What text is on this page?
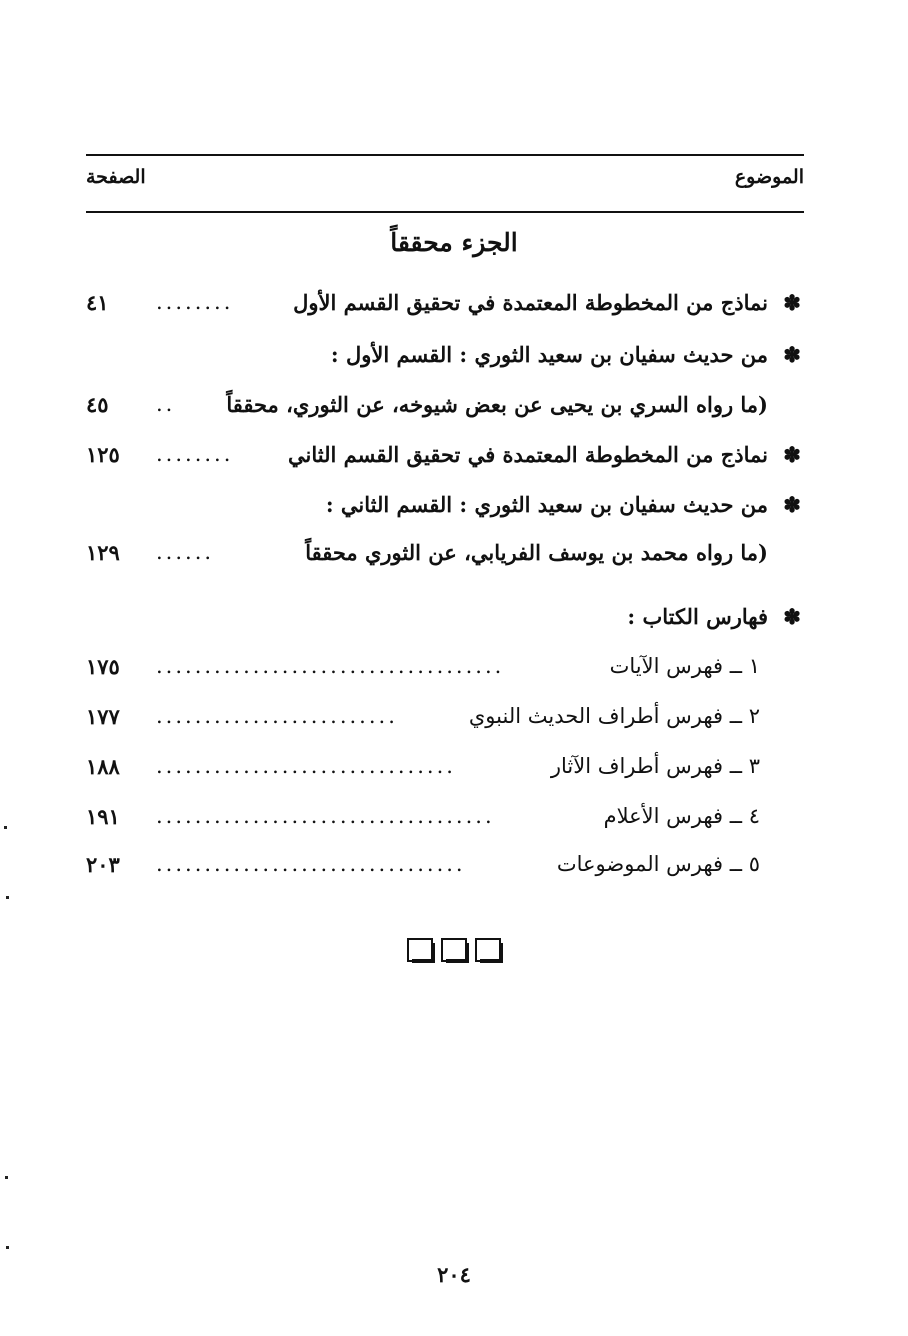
الموضوع
الصفحة
الجزء محققاً
✽
نماذج من المخطوطة المعتمدة في تحقيق القسم الأول
........
٤١
✽
من حديث سفيان بن سعيد الثوري : القسم الأول :
(ما رواه السري بن يحيى عن بعض شيوخه، عن الثوري، محققاً
..
٤٥
✽
نماذج من المخطوطة المعتمدة في تحقيق القسم الثاني
........
١٢٥
✽
من حديث سفيان بن سعيد الثوري : القسم الثاني :
(ما رواه محمد بن يوسف الفريابي، عن الثوري محققاً
......
١٢٩
✽
فهارس الكتاب :
١ ــ فهرس الآيات
....................................
١٧٥
٢ ــ فهرس أطراف الحديث النبوي
.........................
١٧٧
٣ ــ فهرس أطراف الآثار
...............................
١٨٨
٤ ــ فهرس الأعلام
...................................
١٩١
٥ ــ فهرس الموضوعات
................................
٢٠٣
٢٠٤
